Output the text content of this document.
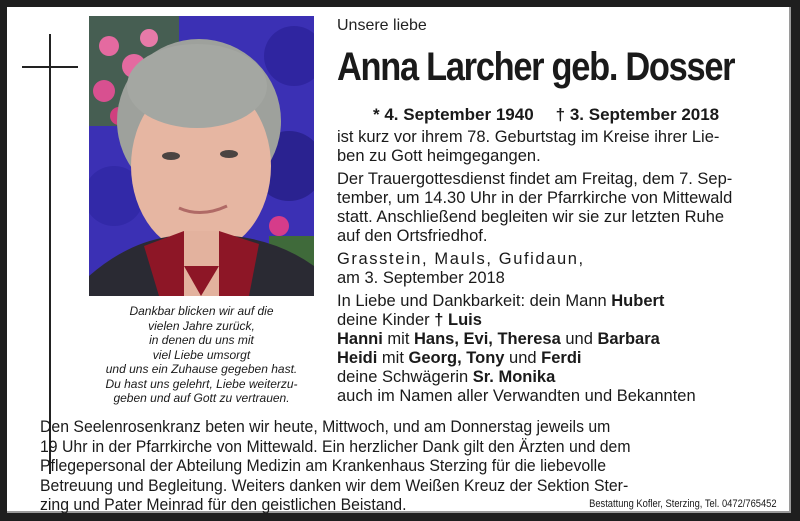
Dankbar blicken wir auf die
vielen Jahre zurück,
in denen du uns mit
viel Liebe umsorgt
und uns ein Zuhause gegeben hast.
Du hast uns gelehrt, Liebe weiterzu-
geben und auf Gott zu vertrauen.
Unsere liebe
Anna Larcher geb. Dosser
* 4. September 1940 † 3. September 2018
ist kurz vor ihrem 78. Geburtstag im Kreise ihrer Lie-
ben zu Gott heimgegangen.
Der Trauergottesdienst findet am Freitag, dem 7. Sep-
tember, um 14.30 Uhr in der Pfarrkirche von Mittewald
statt. Anschließend begleiten wir sie zur letzten Ruhe
auf den Ortsfriedhof.
Grasstein, Mauls, Gufidaun,
am 3. September 2018
In Liebe und Dankbarkeit: dein Mann Hubert
deine Kinder † Luis
Hanni mit Hans, Evi, Theresa und Barbara
Heidi mit Georg, Tony und Ferdi
deine Schwägerin Sr. Monika
auch im Namen aller Verwandten und Bekannten
Den Seelenrosenkranz beten wir heute, Mittwoch, und am Donnerstag jeweils um
19 Uhr in der Pfarrkirche von Mittewald. Ein herzlicher Dank gilt den Ärzten und dem
Pflegepersonal der Abteilung Medizin am Krankenhaus Sterzing für die liebevolle
Betreuung und Begleitung. Weiters danken wir dem Weißen Kreuz der Sektion Ster-
zing und Pater Meinrad für den geistlichen Beistand.	Bestattung Kofler, Sterzing, Tel. 0472/765452
